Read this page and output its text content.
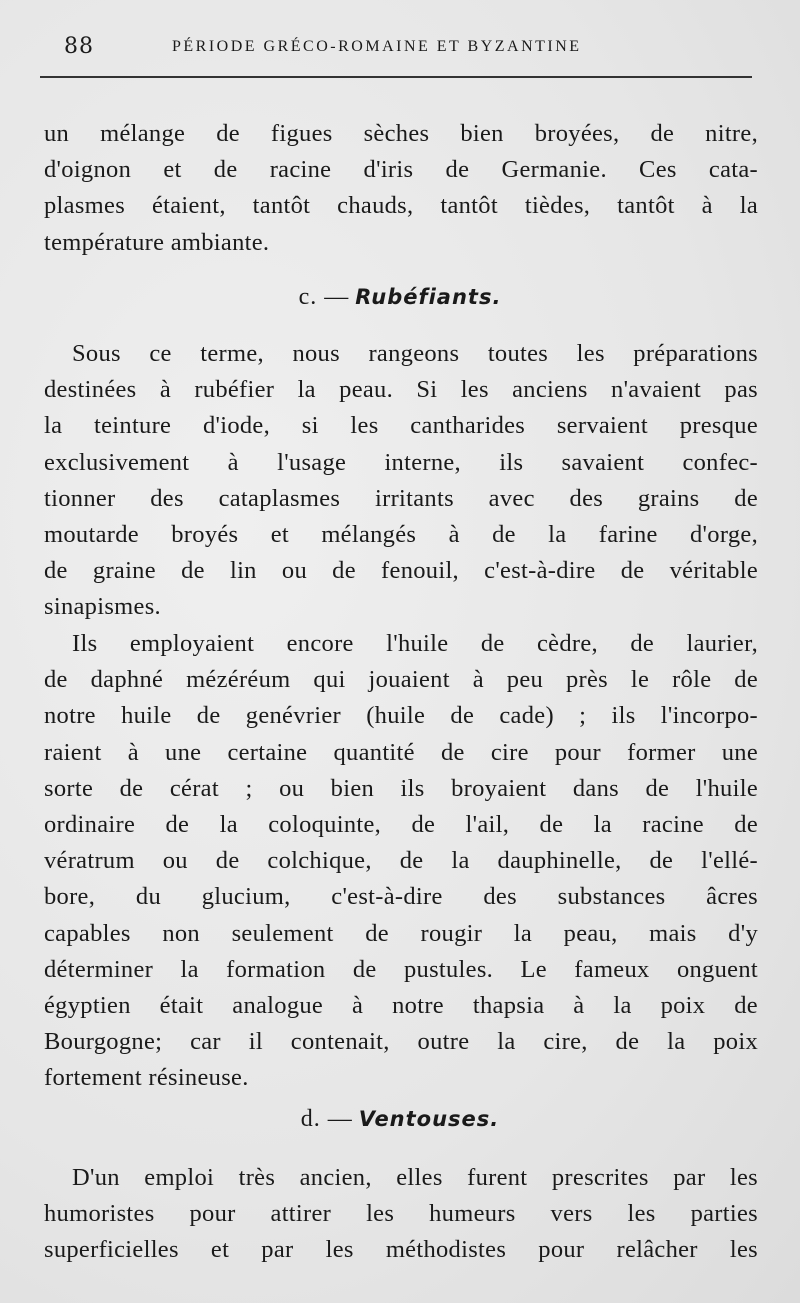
88	PÉRIODE GRÉCO-ROMAINE ET BYZANTINE
un mélange de figues sèches bien broyées, de nitre,
d'oignon et de racine d'iris de Germanie. Ces cata-
plasmes étaient, tantôt chauds, tantôt tièdes, tantôt à la
température ambiante.
c. — Rubéfiants.
Sous ce terme, nous rangeons toutes les préparations
destinées à rubéfier la peau. Si les anciens n'avaient pas
la teinture d'iode, si les cantharides servaient presque
exclusivement à l'usage interne, ils savaient confec-
tionner des cataplasmes irritants avec des grains de
moutarde broyés et mélangés à de la farine d'orge,
de graine de lin ou de fenouil, c'est-à-dire de véritable
sinapismes.
Ils employaient encore l'huile de cèdre, de laurier,
de daphné mézéréum qui jouaient à peu près le rôle de
notre huile de genévrier (huile de cade) ; ils l'incorpo-
raient à une certaine quantité de cire pour former une
sorte de cérat ; ou bien ils broyaient dans de l'huile
ordinaire de la coloquinte, de l'ail, de la racine de
vératrum ou de colchique, de la dauphinelle, de l'ellé-
bore, du glucium, c'est-à-dire des substances âcres
capables non seulement de rougir la peau, mais d'y
déterminer la formation de pustules. Le fameux onguent
égyptien était analogue à notre thapsia à la poix de
Bourgogne; car il contenait, outre la cire, de la poix
fortement résineuse.
d. — Ventouses.
D'un emploi très ancien, elles furent prescrites par les
humoristes pour attirer les humeurs vers les parties
superficielles et par les méthodistes pour relâcher les
